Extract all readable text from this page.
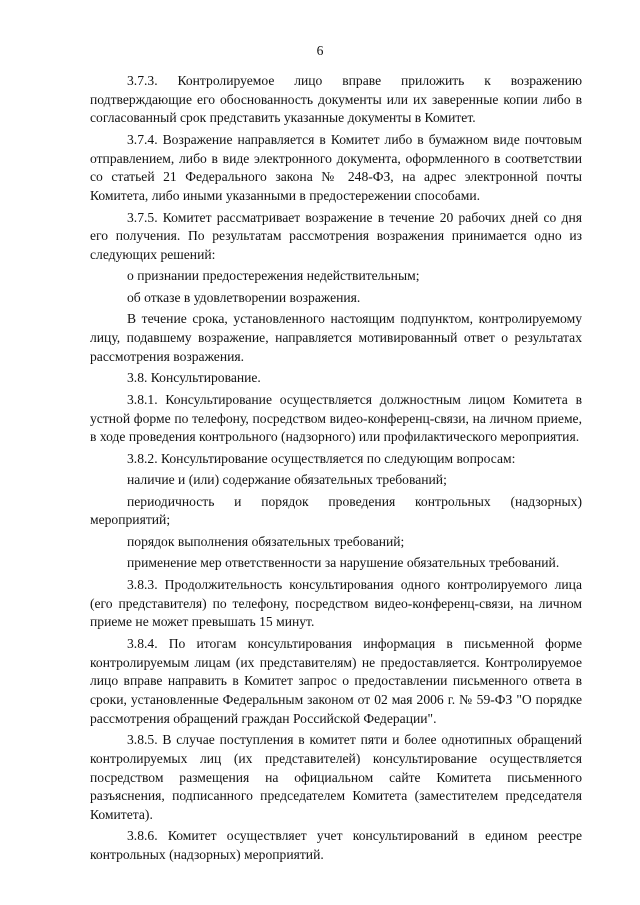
6

3.7.3. Контролируемое лицо вправе приложить к возражению подтверждающие его обоснованность документы или их заверенные копии либо в согласованный срок представить указанные документы в Комитет.

3.7.4. Возражение направляется в Комитет либо в бумажном виде почтовым отправлением, либо в виде электронного документа, оформленного в соответствии со статьей 21 Федерального закона № 248-ФЗ, на адрес электронной почты Комитета, либо иными указанными в предостережении способами.

3.7.5. Комитет рассматривает возражение в течение 20 рабочих дней со дня его получения. По результатам рассмотрения возражения принимается одно из следующих решений:

о признании предостережения недействительным;

об отказе в удовлетворении возражения.

В течение срока, установленного настоящим подпунктом, контролируемому лицу, подавшему возражение, направляется мотивированный ответ о результатах рассмотрения возражения.

3.8. Консультирование.

3.8.1. Консультирование осуществляется должностным лицом Комитета в устной форме по телефону, посредством видео-конференц-связи, на личном приеме, в ходе проведения контрольного (надзорного) или профилактического мероприятия.

3.8.2. Консультирование осуществляется по следующим вопросам:

наличие и (или) содержание обязательных требований;

периодичность и порядок проведения контрольных (надзорных) мероприятий;

порядок выполнения обязательных требований;

применение мер ответственности за нарушение обязательных требований.

3.8.3. Продолжительность консультирования одного контролируемого лица (его представителя) по телефону, посредством видео-конференц-связи, на личном приеме не может превышать 15 минут.

3.8.4. По итогам консультирования информация в письменной форме контролируемым лицам (их представителям) не предоставляется. Контролируемое лицо вправе направить в Комитет запрос о предоставлении письменного ответа в сроки, установленные Федеральным законом от 02 мая 2006 г. № 59-ФЗ "О порядке рассмотрения обращений граждан Российской Федерации".

3.8.5. В случае поступления в комитет пяти и более однотипных обращений контролируемых лиц (их представителей) консультирование осуществляется посредством размещения на официальном сайте Комитета письменного разъяснения, подписанного председателем Комитета (заместителем председателя Комитета).

3.8.6. Комитет осуществляет учет консультирований в едином реестре контрольных (надзорных) мероприятий.
